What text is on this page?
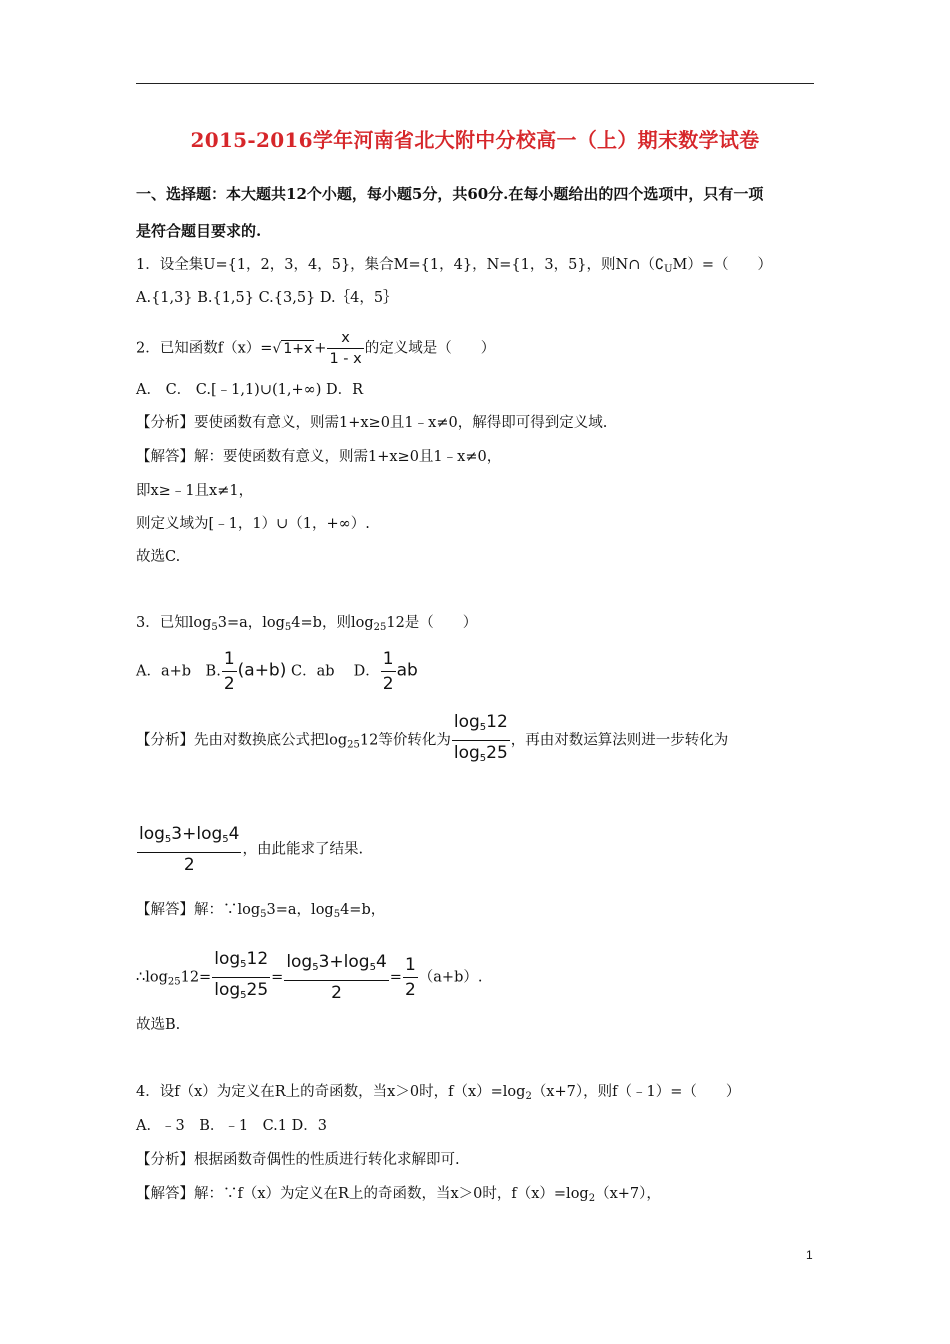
2015-2016学年河南省北大附中分校高一（上）期末数学试卷
一、选择题：本大题共12个小题，每小题5分，共60分.在每小题给出的四个选项中，只有一项
是符合题目要求的.
1．设全集U={1，2，3，4，5}，集合M={1，4}，N={1，3，5}，则$N\cap(∁_UM)=$（　　）
A.{1,3} B.{1,5} C.{3,5} D.｛4，5｝
2．已知函数f（x）=√ $1+x + \frac{x}{1 - x}$ 的定义域是（　　）
A． C． C.[﹣1,1)∪(1,+∞) D．R
【分析】要使函数有意义，则需1+x≥0且1﹣x≠0，解得即可得到定义域.
【解答】解：要使函数有意义，则需1+x≥0且1﹣x≠0，
即x≥﹣1且x≠1，
则定义域为[﹣1，1）∪（1，+∞）.
故选C.
3．已知$\log_53=a$，$\log_54=b$，则$\log_{25}12$是（　　）
A．a+b　B. $\frac{1}{2} (a+b)$ C．ab　 D． $\frac{1}{2}$ ab
【分析】先由对数换底公式把$\log_{25}12$等价转化为 $\frac{\log_512}{\log_525}$ ，再由对数运算法则进一步转化为
$\frac{\log_53+\log_54}{2}$ ，由此能求了结果.
【解答】解：$\because\log_53=a$，$\log_54=b$，
$\therefore\log_{25}12= \frac{\log_512}{\log_525} = \frac{\log_53+\log_54}{2} = \frac{1}{2} (a+b)$.
故选B.
4．设f（x）为定义在R上的奇函数，当x＞0时，$f(x)=\log_2(x+7)$，则f（﹣1）=（　　）
A．﹣3　B．﹣1　C.1 D．3
【分析】根据函数奇偶性的性质进行转化求解即可.
【解答】解：∵f（x）为定义在R上的奇函数，当x＞0时，$f(x)=\log_2(x+7)$，
1
